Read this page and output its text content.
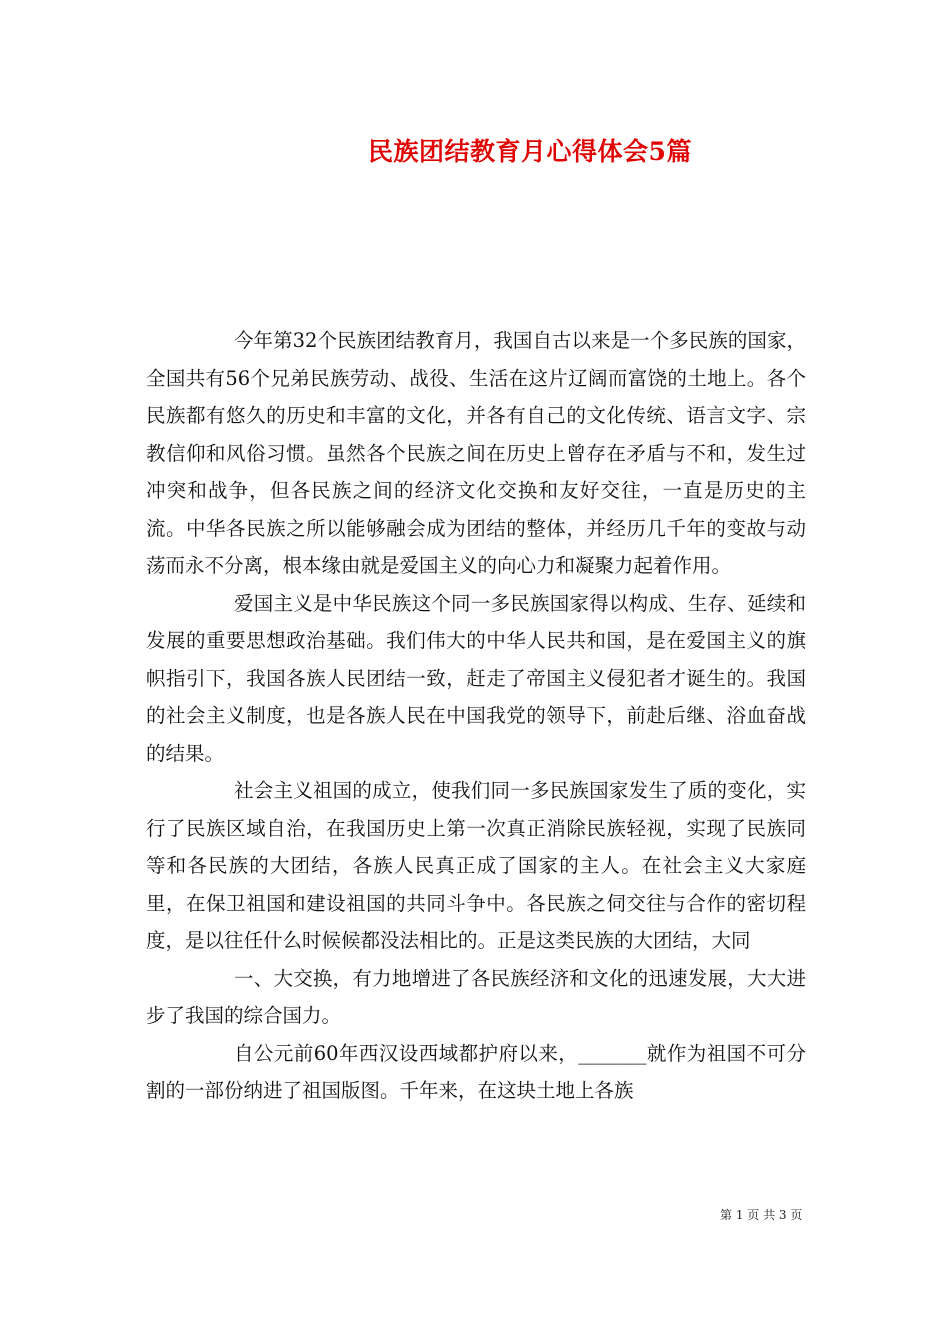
民族团结教育月心得体会5篇

今年第32个民族团结教育月，我国自古以来是一个多民族的国家，全国共有56个兄弟民族劳动、战役、生活在这片辽阔而富饶的土地上。各个民族都有悠久的历史和丰富的文化，并各有自己的文化传统、语言文字、宗教信仰和风俗习惯。虽然各个民族之间在历史上曾存在矛盾与不和，发生过冲突和战争，但各民族之间的经济文化交换和友好交往，一直是历史的主流。中华各民族之所以能够融会成为团结的整体，并经历几千年的变故与动荡而永不分离，根本缘由就是爱国主义的向心力和凝聚力起着作用。

爱国主义是中华民族这个同一多民族国家得以构成、生存、延续和发展的重要思想政治基础。我们伟大的中华人民共和国，是在爱国主义的旗帜指引下，我国各族人民团结一致，赶走了帝国主义侵犯者才诞生的。我国的社会主义制度，也是各族人民在中国我党的领导下，前赴后继、浴血奋战的结果。

社会主义祖国的成立，使我们同一多民族国家发生了质的变化，实行了民族区域自治，在我国历史上第一次真正消除民族轻视，实现了民族同等和各民族的大团结，各族人民真正成了国家的主人。在社会主义大家庭里，在保卫祖国和建设祖国的共同斗争中。各民族之伺交往与合作的密切程度，是以往任什么时候候都没法相比的。正是这类民族的大团结，大同

一、大交换，有力地增进了各民族经济和文化的迅速发展，大大进步了我国的综合国力。

自公元前60年西汉设西域都护府以来，_______就作为祖国不可分割的一部份纳进了祖国版图。千年来，在这块土地上各族

第 1 页 共 3 页
